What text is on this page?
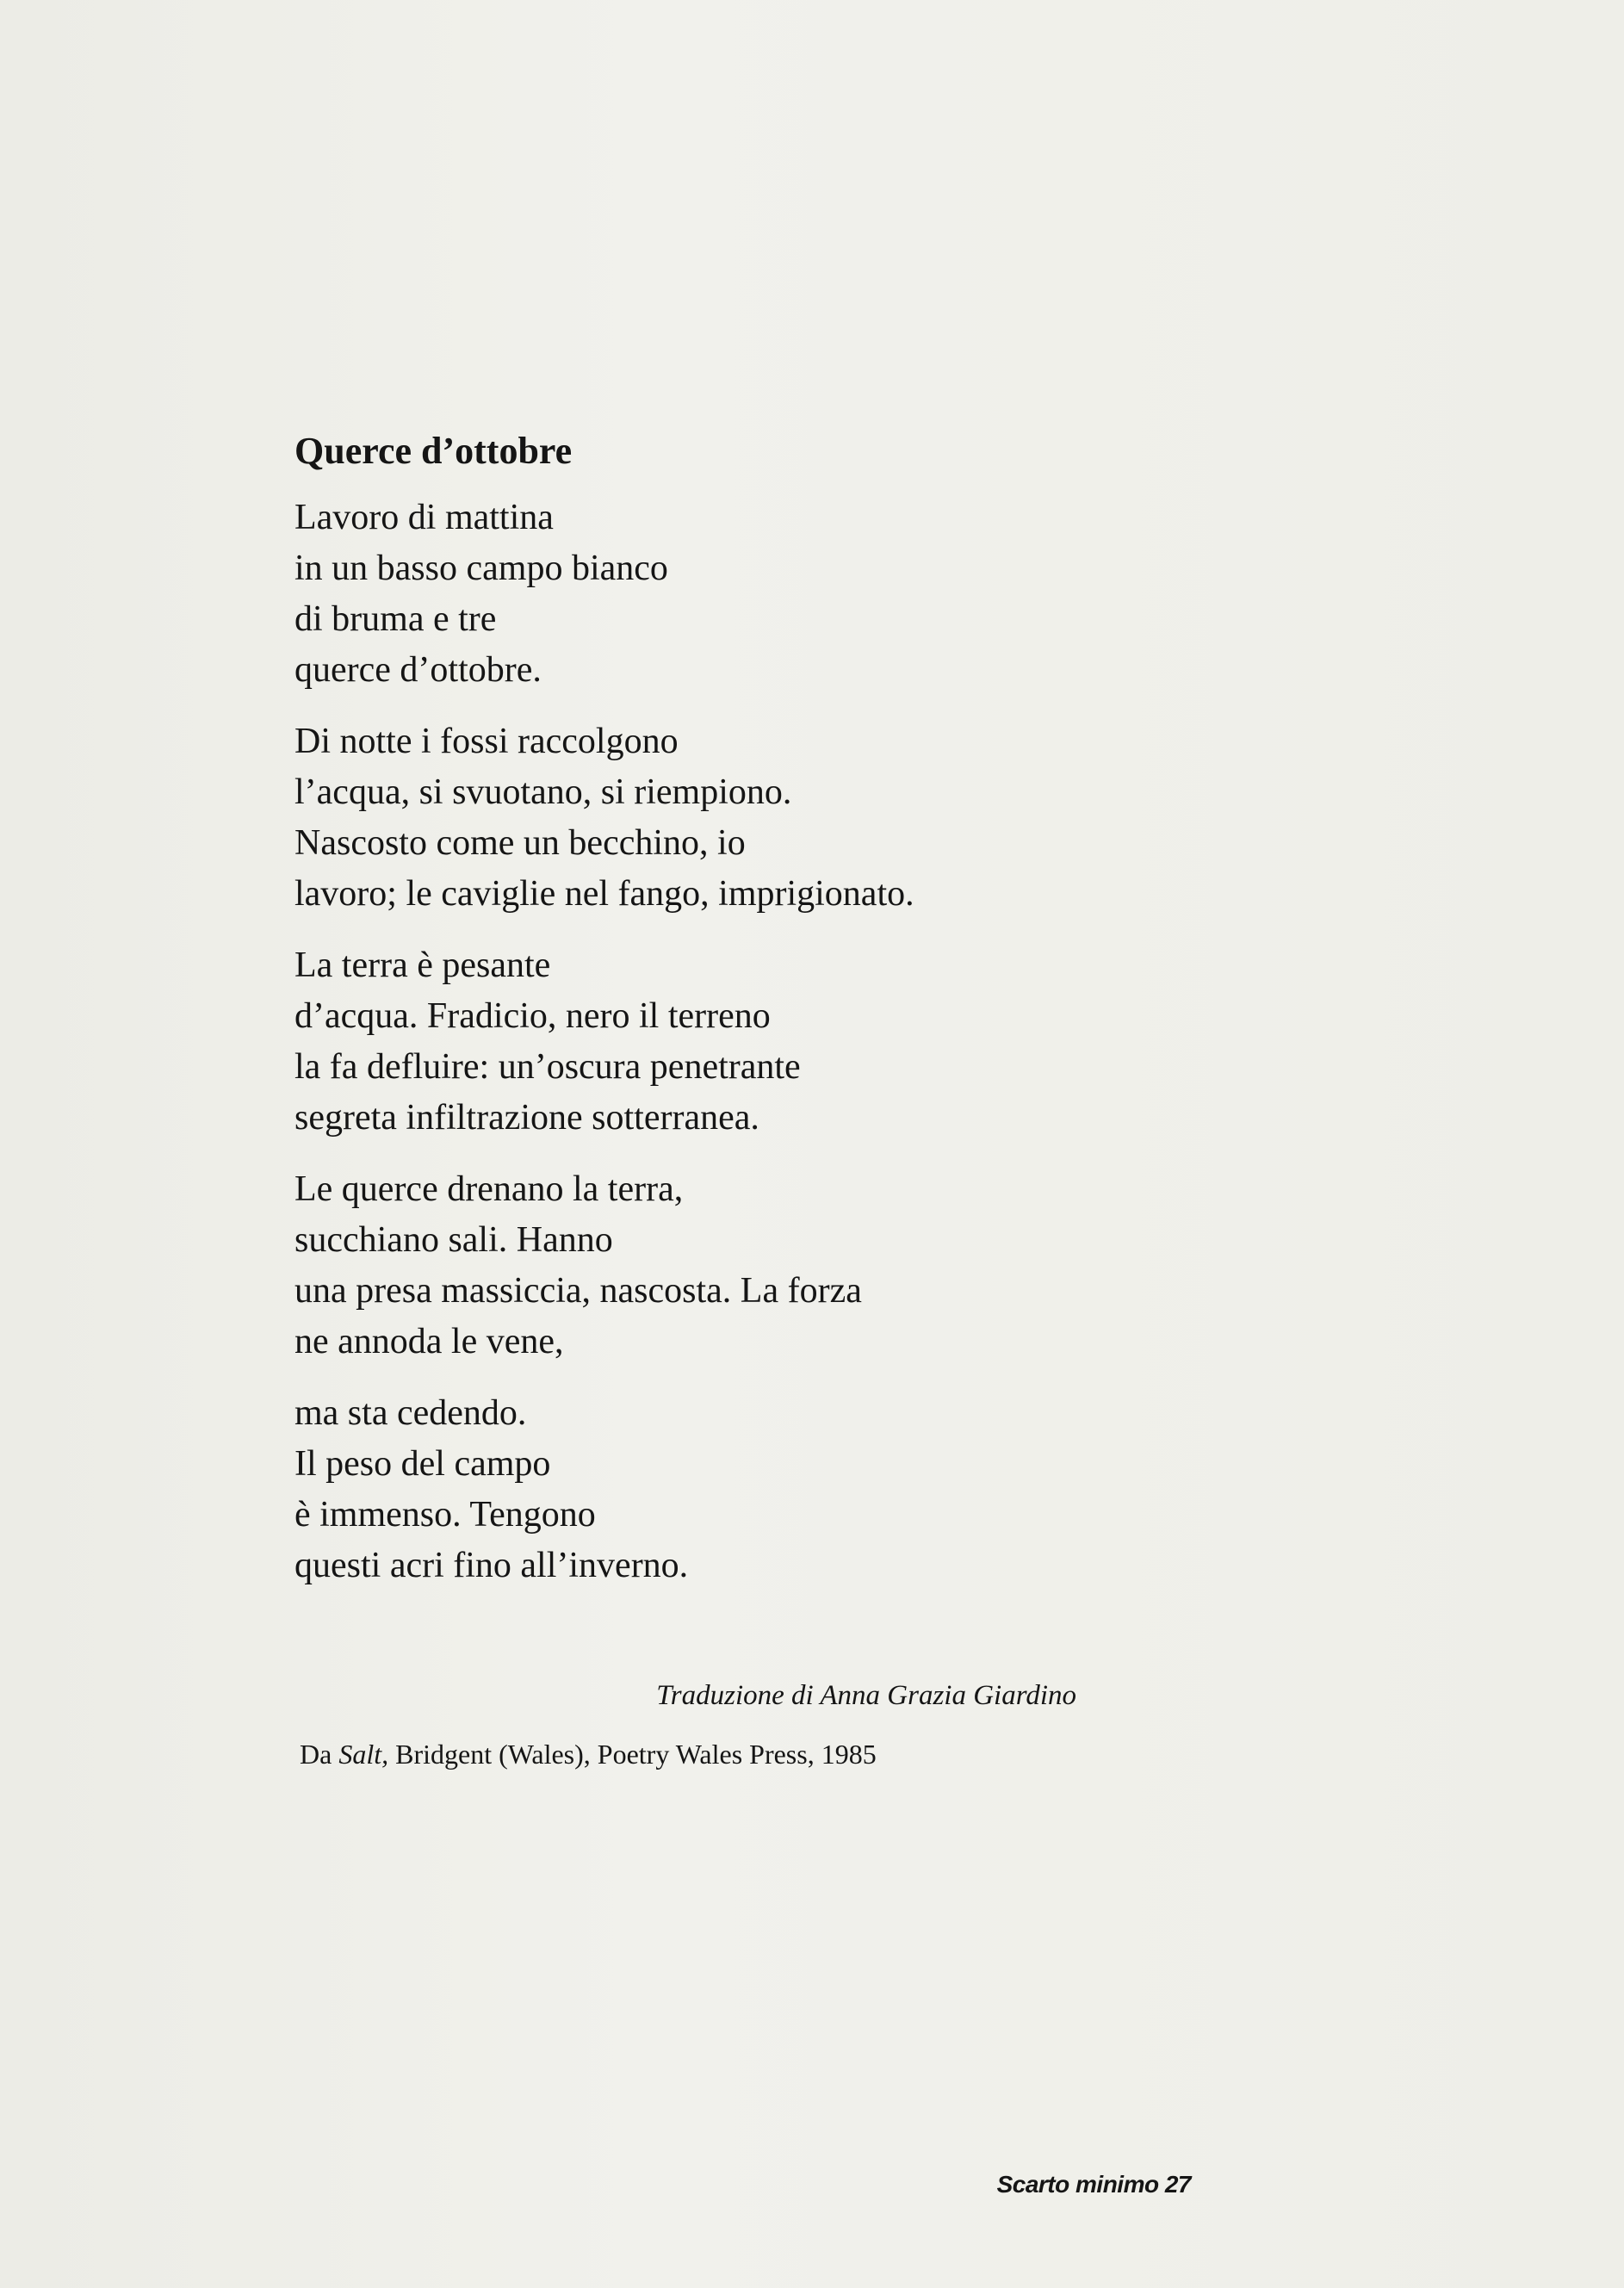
Querce d’ottobre
Lavoro di mattina
in un basso campo bianco
di bruma e tre
querce d’ottobre.
Di notte i fossi raccolgono
l’acqua, si svuotano, si riempiono.
Nascosto come un becchino, io
lavoro; le caviglie nel fango, imprigionato.
La terra è pesante
d’acqua. Fradicio, nero il terreno
la fa defluire: un’oscura penetrante
segreta infiltrazione sotterranea.
Le querce drenano la terra,
succhiano sali. Hanno
una presa massiccia, nascosta. La forza
ne annoda le vene,
ma sta cedendo.
Il peso del campo
è immenso. Tengono
questi acri fino all’inverno.
Traduzione di Anna Grazia Giardino
Da Salt, Bridgent (Wales), Poetry Wales Press, 1985
Scarto minimo 27
